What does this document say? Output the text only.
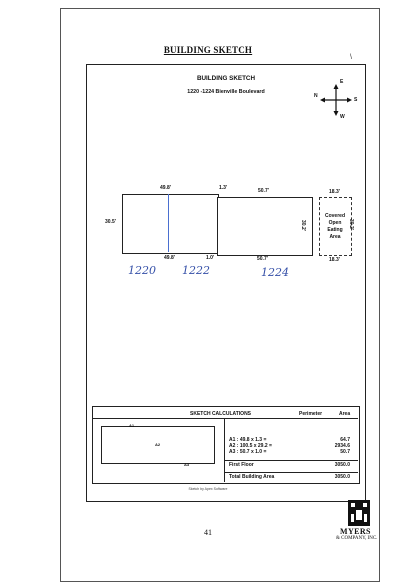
BUILDING SKETCH
\
BUILDING SKETCH
1220 -1224 Bienville Boulevard
E
N
S
W
49.8'	1.3'	50.7'
30.5'
49.8'	1.0'	50.7'
30.2'
18.3'
18.3'
30.2'
Covered
Open
Eating
Area
1220 1222	1224
SKETCH CALCULATIONS	Perimeter	Area
A2
A1
A3
A1 : 49.8 x 1.3 =	64.7
A2 : 100.5 x 29.2 =	2934.6
A3 : 50.7 x 1.0 =	50.7
First Floor	3050.0
Total Building Area	3050.0
Sketch by Apex Software
41	MYERS
& COMPANY, INC.
